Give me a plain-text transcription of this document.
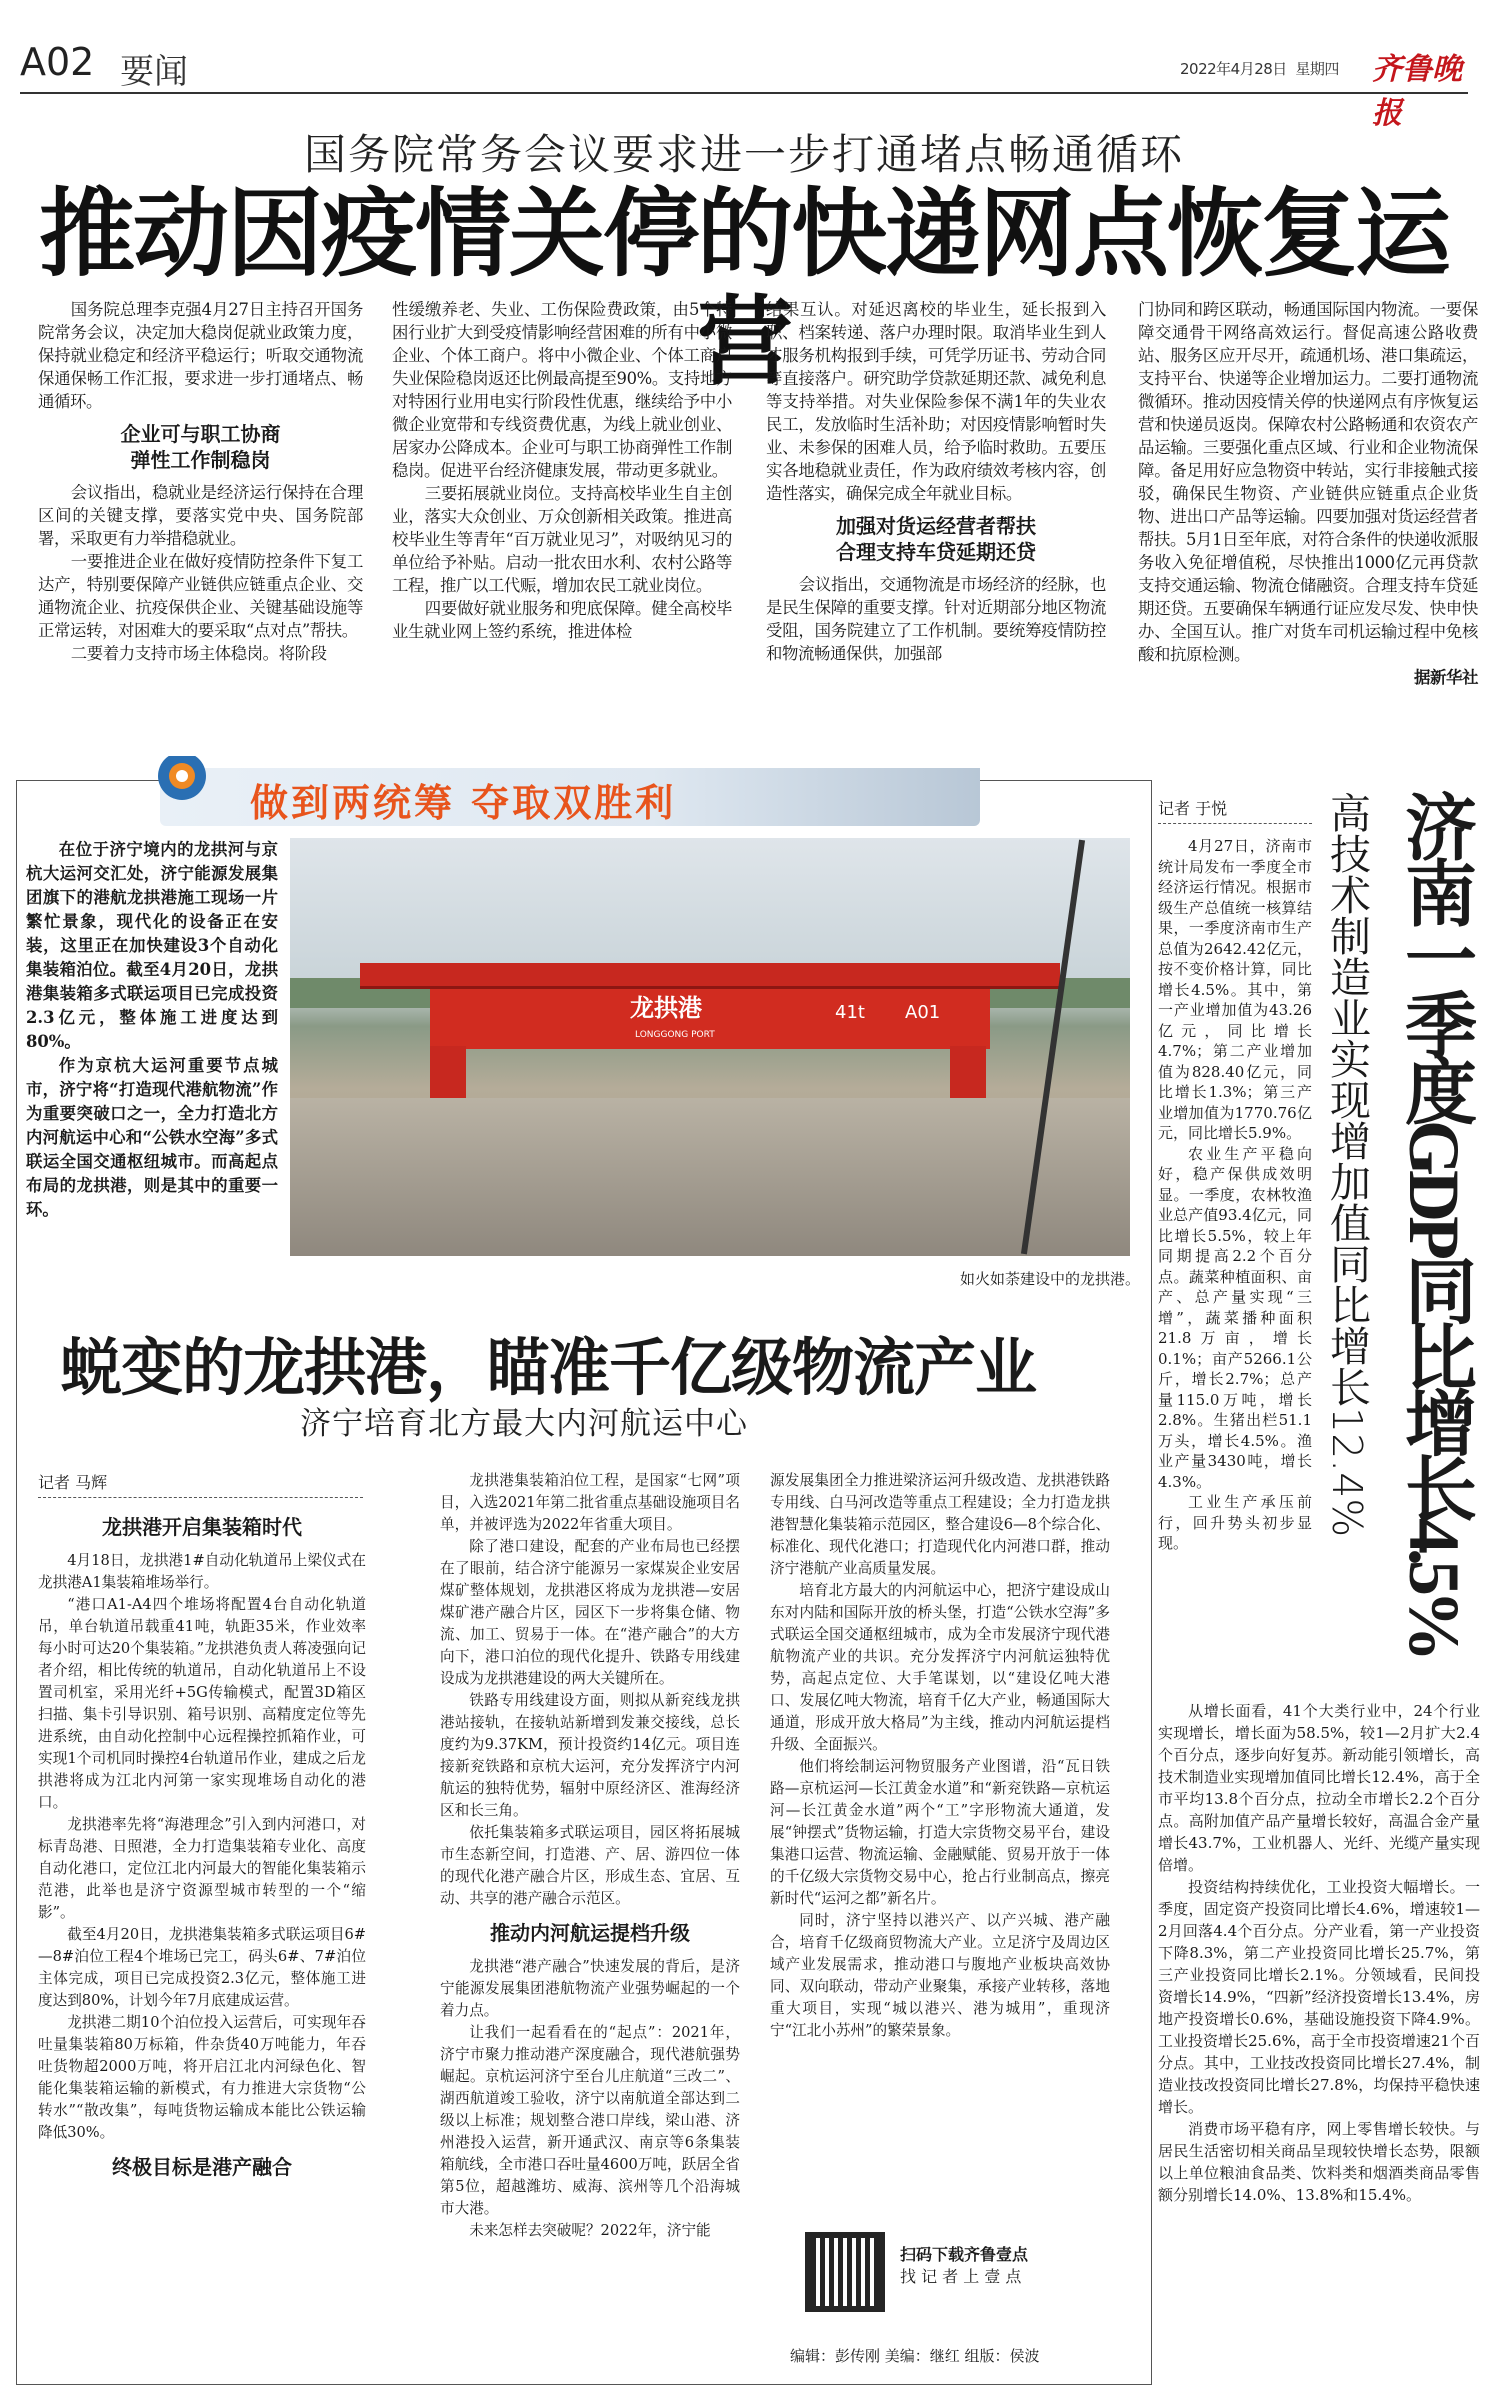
A02 要闻	2022年4月28日 星期四 齐鲁晚报
国务院常务会议要求进一步打通堵点畅通循环
推动因疫情关停的快递网点恢复运营

国务院总理李克强4月27日主持召开国务院常务会议，决定加大稳岗促就业政策力度，保持就业稳定和经济平稳运行；听取交通物流保通保畅工作汇报，要求进一步打通堵点、畅通循环。

企业可与职工协商
弹性工作制稳岗

会议指出，稳就业是经济运行保持在合理区间的关键支撑，要落实党中央、国务院部署，采取更有力举措稳就业。

一要推进企业在做好疫情防控条件下复工达产，特别要保障产业链供应链重点企业、交通物流企业、抗疫保供企业、关键基础设施等正常运转，对困难大的要采取“点对点”帮扶。

二要着力支持市场主体稳岗。将阶段

性缓缴养老、失业、工伤保险费政策，由5个特困行业扩大到受疫情影响经营困难的所有中小微企业、个体工商户。将中小微企业、个体工商户失业保险稳岗返还比例最高提至90%。支持地方对特困行业用电实行阶段性优惠，继续给予中小微企业宽带和专线资费优惠，为线上就业创业、居家办公降成本。企业可与职工协商弹性工作制稳岗。促进平台经济健康发展，带动更多就业。

三要拓展就业岗位。支持高校毕业生自主创业，落实大众创业、万众创新相关政策。推进高校毕业生等青年“百万就业见习”，对吸纳见习的单位给予补贴。启动一批农田水利、农村公路等工程，推广以工代赈，增加农民工就业岗位。

四要做好就业服务和兜底保障。健全高校毕业生就业网上签约系统，推进体检

结果互认。对延迟离校的毕业生，延长报到入职、档案转递、落户办理时限。取消毕业生到人才服务机构报到手续，可凭学历证书、劳动合同等直接落户。研究助学贷款延期还款、减免利息等支持举措。对失业保险参保不满1年的失业农民工，发放临时生活补助；对因疫情影响暂时失业、未参保的困难人员，给予临时救助。五要压实各地稳就业责任，作为政府绩效考核内容，创造性落实，确保完成全年就业目标。

加强对货运经营者帮扶
合理支持车贷延期还贷

会议指出，交通物流是市场经济的经脉，也是民生保障的重要支撑。针对近期部分地区物流受阻，国务院建立了工作机制。要统筹疫情防控和物流畅通保供，加强部

门协同和跨区联动，畅通国际国内物流。一要保障交通骨干网络高效运行。督促高速公路收费站、服务区应开尽开，疏通机场、港口集疏运，支持平台、快递等企业增加运力。二要打通物流微循环。推动因疫情关停的快递网点有序恢复运营和快递员返岗。保障农村公路畅通和农资农产品运输。三要强化重点区域、行业和企业物流保障。备足用好应急物资中转站，实行非接触式接驳，确保民生物资、产业链供应链重点企业货物、进出口产品等运输。四要加强对货运经营者帮扶。5月1日至年底，对符合条件的快递收派服务收入免征增值税，尽快推出1000亿元再贷款支持交通运输、物流仓储融资。合理支持车贷延期还贷。五要确保车辆通行证应发尽发、快申快办、全国互认。推广对货车司机运输过程中免核酸和抗原检测。

据新华社

做到两统筹 夺取双胜利

在位于济宁境内的龙拱河与京杭大运河交汇处，济宁能源发展集团旗下的港航龙拱港施工现场一片繁忙景象，现代化的设备正在安装，这里正在加快建设3个自动化集装箱泊位。截至4月20日，龙拱港集装箱多式联运项目已完成投资2.3亿元，整体施工进度达到80%。

作为京杭大运河重要节点城市，济宁将“打造现代港航物流”作为重要突破口之一，全力打造北方内河航运中心和“公铁水空海”多式联运全国交通枢纽城市。而高起点布局的龙拱港，则是其中的重要一环。

龙拱港
LONGGONG PORT
41t A01
如火如荼建设中的龙拱港。
蜕变的龙拱港，瞄准千亿级物流产业
济宁培育北方最大内河航运中心
记者 马辉
龙拱港开启集装箱时代

4月18日，龙拱港1#自动化轨道吊上梁仪式在龙拱港A1集装箱堆场举行。

“港口A1-A4四个堆场将配置4台自动化轨道吊，单台轨道吊载重41吨，轨距35米，作业效率每小时可达20个集装箱。”龙拱港负责人蒋凌强向记者介绍，相比传统的轨道吊，自动化轨道吊上不设置司机室，采用光纤+5G传输模式，配置3D箱区扫描、集卡引导识别、箱号识别、高精度定位等先进系统，由自动化控制中心远程操控抓箱作业，可实现1个司机同时操控4台轨道吊作业，建成之后龙拱港将成为江北内河第一家实现堆场自动化的港口。

龙拱港率先将“海港理念”引入到内河港口，对标青岛港、日照港，全力打造集装箱专业化、高度自动化港口，定位江北内河最大的智能化集装箱示范港，此举也是济宁资源型城市转型的一个“缩影”。

截至4月20日，龙拱港集装箱多式联运项目6#—8#泊位工程4个堆场已完工，码头6#、7#泊位主体完成，项目已完成投资2.3亿元，整体施工进度达到80%，计划今年7月底建成运营。

龙拱港二期10个泊位投入运营后，可实现年吞吐量集装箱80万标箱，件杂货40万吨能力，年吞吐货物超2000万吨，将开启江北内河绿色化、智能化集装箱运输的新模式，有力推进大宗货物“公转水”“散改集”，每吨货物运输成本能比公铁运输降低30%。

终极目标是港产融合

龙拱港集装箱泊位工程，是国家“七网”项目，入选2021年第二批省重点基础设施项目名单，并被评选为2022年省重大项目。

除了港口建设，配套的产业布局也已经摆在了眼前，结合济宁能源另一家煤炭企业安居煤矿整体规划，龙拱港区将成为龙拱港—安居煤矿港产融合片区，园区下一步将集仓储、物流、加工、贸易于一体。在“港产融合”的大方向下，港口泊位的现代化提升、铁路专用线建设成为龙拱港建设的两大关键所在。

铁路专用线建设方面，则拟从新兖线龙拱港站接轨，在接轨站新增到发兼交接线，总长度约为9.37KM，预计投资约14亿元。项目连接新兖铁路和京杭大运河，充分发挥济宁内河航运的独特优势，辐射中原经济区、淮海经济区和长三角。

依托集装箱多式联运项目，园区将拓展城市生态新空间，打造港、产、居、游四位一体的现代化港产融合片区，形成生态、宜居、互动、共享的港产融合示范区。

推动内河航运提档升级

龙拱港“港产融合”快速发展的背后，是济宁能源发展集团港航物流产业强势崛起的一个着力点。

让我们一起看看在的“起点”：2021年，济宁市聚力推动港产深度融合，现代港航强势崛起。京杭运河济宁至台儿庄航道“三改二”、湖西航道竣工验收，济宁以南航道全部达到二级以上标准；规划整合港口岸线，梁山港、济州港投入运营，新开通武汉、南京等6条集装箱航线，全市港口吞吐量4600万吨，跃居全省第5位，超越潍坊、威海、滨州等几个沿海城市大港。

未来怎样去突破呢？2022年，济宁能

源发展集团全力推进梁济运河升级改造、龙拱港铁路专用线、白马河改造等重点工程建设；全力打造龙拱港智慧化集装箱示范园区，整合建设6—8个综合化、标准化、现代化港口；打造现代化内河港口群，推动济宁港航产业高质量发展。

培育北方最大的内河航运中心，把济宁建设成山东对内陆和国际开放的桥头堡，打造“公铁水空海”多式联运全国交通枢纽城市，成为全市发展济宁现代港航物流产业的共识。充分发挥济宁内河航运独特优势，高起点定位、大手笔谋划，以“建设亿吨大港口、发展亿吨大物流，培育千亿大产业，畅通国际大通道，形成开放大格局”为主线，推动内河航运提档升级、全面振兴。

他们将绘制运河物贸服务产业图谱，沿“瓦日铁路—京杭运河—长江黄金水道”和“新兖铁路—京杭运河—长江黄金水道”两个“工”字形物流大通道，发展“钟摆式”货物运输，打造大宗货物交易平台，建设集港口运营、物流运输、金融赋能、贸易开放于一体的千亿级大宗货物交易中心，抢占行业制高点，擦亮新时代“运河之都”新名片。

同时，济宁坚持以港兴产、以产兴城、港产融合，培育千亿级商贸物流大产业。立足济宁及周边区域产业发展需求，推动港口与腹地产业板块高效协同、双向联动，带动产业聚集，承接产业转移，落地重大项目，实现“城以港兴、港为城用”，重现济宁“江北小苏州”的繁荣景象。

扫码下载齐鲁壹点
找 记 者 上 壹 点
编辑：彭传刚 美编：继红 组版：侯波
记者 于悦	济南一季度GDP同比增长4.5%
高技术制造业实现增加值同比增长12.4%

4月27日，济南市统计局发布一季度全市经济运行情况。根据市级生产总值统一核算结果，一季度济南市生产总值为2642.42亿元，按不变价格计算，同比增长4.5%。其中，第一产业增加值为43.26亿元，同比增长4.7%；第二产业增加值为828.40亿元，同比增长1.3%；第三产业增加值为1770.76亿元，同比增长5.9%。

农业生产平稳向好，稳产保供成效明显。一季度，农林牧渔业总产值93.4亿元，同比增长5.5%，较上年同期提高2.2个百分点。蔬菜种植面积、亩产、总产量实现“三增”，蔬菜播种面积21.8万亩，增长0.1%；亩产5266.1公斤，增长2.7%；总产量115.0万吨，增长2.8%。生猪出栏51.1万头，增长4.5%。渔业产量3430吨，增长4.3%。

工业生产承压前行，回升势头初步显现。

从增长面看，41个大类行业中，24个行业实现增长，增长面为58.5%，较1—2月扩大2.4个百分点，逐步向好复苏。新动能引领增长，高技术制造业实现增加值同比增长12.4%，高于全市平均13.8个百分点，拉动全市增长2.2个百分点。高附加值产品产量增长较好，高温合金产量增长43.7%，工业机器人、光纤、光缆产量实现倍增。

投资结构持续优化，工业投资大幅增长。一季度，固定资产投资同比增长4.6%，增速较1—2月回落4.4个百分点。分产业看，第一产业投资下降8.3%，第二产业投资同比增长25.7%，第三产业投资同比增长2.1%。分领域看，民间投资增长14.9%，“四新”经济投资增长13.4%，房地产投资增长0.6%，基础设施投资下降4.9%。工业投资增长25.6%，高于全市投资增速21个百分点。其中，工业技改投资同比增长27.4%，制造业技改投资同比增长27.8%，均保持平稳快速增长。

消费市场平稳有序，网上零售增长较快。与居民生活密切相关商品呈现较快增长态势，限额以上单位粮油食品类、饮料类和烟酒类商品零售额分别增长14.0%、13.8%和15.4%。
